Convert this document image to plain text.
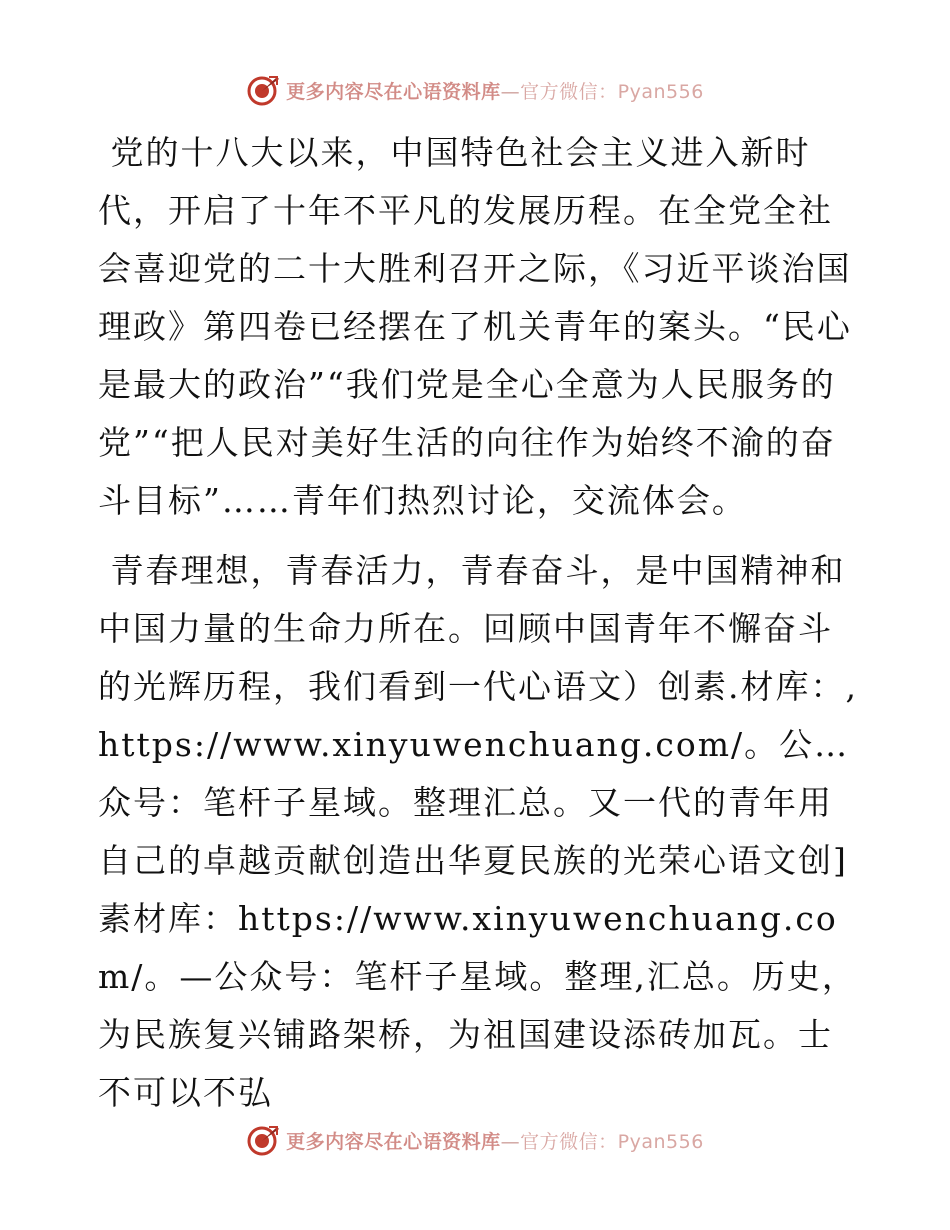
更多内容尽在心语资料库—官方微信：Pyan556

党的十八大以来，中国特色社会主义进入新时代，开启了十年不平凡的发展历程。在全党全社会喜迎党的二十大胜利召开之际，《习近平谈治国理政》第四卷已经摆在了机关青年的案头。“民心是最大的政治”“我们党是全心全意为人民服务的党”“把人民对美好生活的向往作为始终不渝的奋斗目标”……青年们热烈讨论，交流体会。

青春理想，青春活力，青春奋斗，是中国精神和中国力量的生命力所在。回顾中国青年不懈奋斗的光辉历程，我们看到一代心语文）创素.材库：,https://www.xinyuwenchuang.com/。公…众号：笔杆子星域。整理汇总。又一代的青年用自己的卓越贡献创造出华夏民族的光荣心语文创]素材库：https://www.xinyuwenchuang.com/。—公众号：笔杆子星域。整理,汇总。历史，为民族复兴铺路架桥，为祖国建设添砖加瓦。士不可以不弘

更多内容尽在心语资料库—官方微信：Pyan556
